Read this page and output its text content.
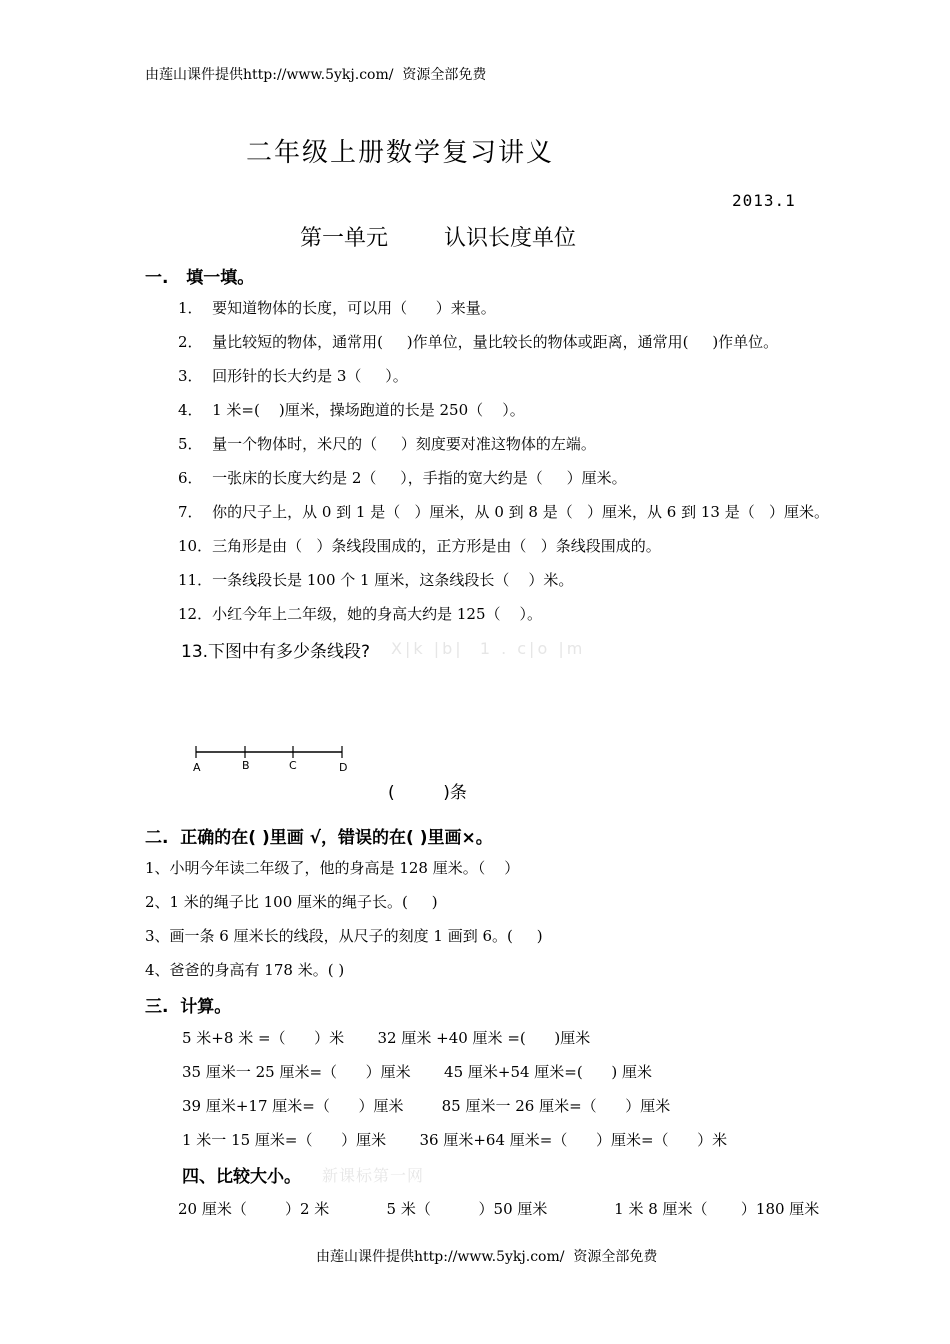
由莲山课件提供http://www.5ykj.com/  资源全部免费
二年级上册数学复习讲义
2013.1
第一单元        认识长度单位
一.   填一填。
1．  要知道物体的长度，可以用（      ）来量。
2．  量比较短的物体，通常用(     )作单位，量比较长的物体或距离，通常用(     )作单位。
3．  回形针的长大约是 3（     ）。
4．  1 米=(    )厘米，操场跑道的长是 250（    ）。
5．  量一个物体时，米尺的（     ）刻度要对准这物体的左端。
6．  一张床的长度大约是 2（     ），手指的宽大约是（     ）厘米。
7．  你的尺子上，从 0 到 1 是（   ）厘米，从 0 到 8 是（   ）厘米，从 6 到 13 是（   ）厘米。
10．三角形是由（   ）条线段围成的，正方形是由（   ）条线段围成的。
11．一条线段长是 100 个 1 厘米，这条线段长（    ）米。
12．小红今年上二年级，她的身高大约是 125（    ）。
13.下图中有多少条线段? X|k |b|  1 . c|o |m
A	B	C	D
(         )条
二.  正确的在( )里画 √，错误的在( )里画×。
1、小明今年读二年级了，他的身高是 128 厘米。（    ）
2、1 米的绳子比 100 厘米的绳子长。(     )
3、画一条 6 厘米长的线段，从尺子的刻度 1 画到 6。(     )
4、爸爸的身高有 178 米。( )
三.  计算。
5 米+8 米 =（      ）米       32 厘米 +40 厘米 =(      )厘米
35 厘米一 25 厘米=（      ）厘米       45 厘米+54 厘米=(      ) 厘米
39 厘米+17 厘米=（      ）厘米        85 厘米一 26 厘米=（      ）厘米
1 米一 15 厘米=（      ）厘米       36 厘米+64 厘米=（      ）厘米=（      ）米
四、比较大小。 新课标第一网
20 厘米（        ）2 米            5 米（          ）50 厘米              1 米 8 厘米（       ）180 厘米
由莲山课件提供http://www.5ykj.com/  资源全部免费
